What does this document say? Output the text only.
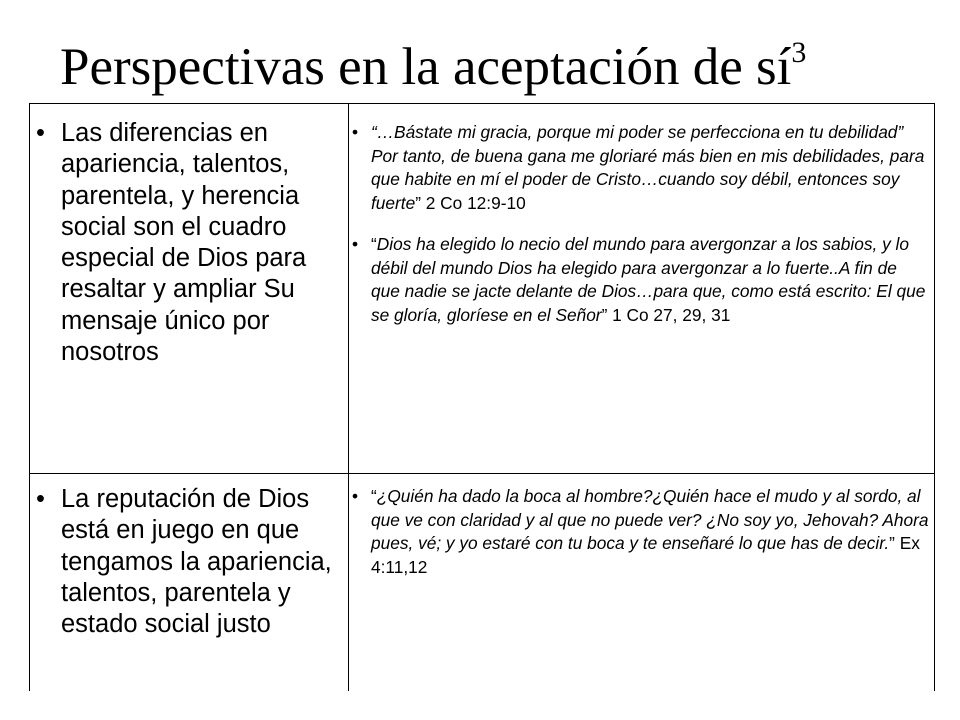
Perspectivas en la aceptación de $sí^3$
• Las diferencias en apariencia, talentos, parentela, y herencia social son el cuadro especial de Dios para resaltar y ampliar Su mensaje único por nosotros
• “…Bástate mi gracia, porque mi poder se perfecciona en tu debilidad” Por tanto, de buena gana me gloriaré más bien en mis debilidades, para que habite en mí el poder de Cristo…cuando soy débil, entonces soy fuerte” 2 Co 12:9-10
• “Dios ha elegido lo necio del mundo para avergonzar a los sabios, y lo débil del mundo Dios ha elegido para avergonzar a lo fuerte..A fin de que nadie se jacte delante de Dios…para que, como está escrito: El que se gloría, gloríese en el Señor” 1 Co 27, 29, 31
• La reputación de Dios está en juego en que tengamos la apariencia, talentos, parentela y estado social justo
• “¿Quién ha dado la boca al hombre?¿Quién hace el mudo y al sordo, al que ve con claridad y al que no puede ver? ¿No soy yo, Jehovah? Ahora pues, vé; y yo estaré con tu boca y te enseñaré lo que has de decir.” Ex 4:11,12
